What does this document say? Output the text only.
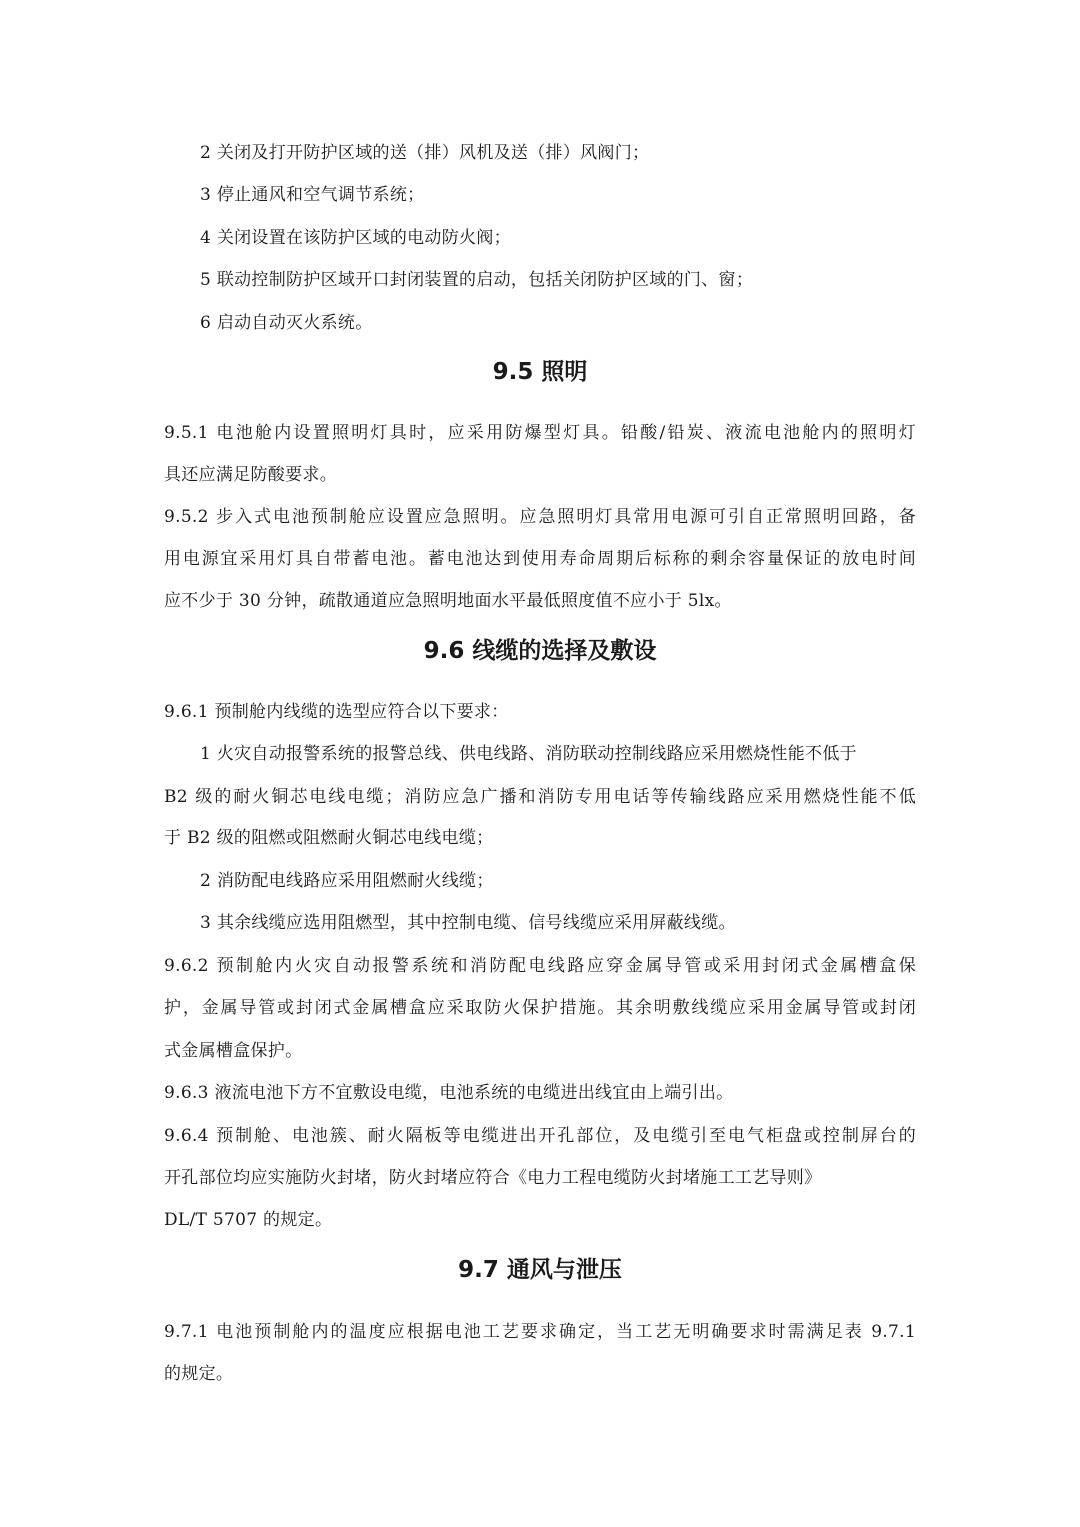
2 关闭及打开防护区域的送（排）风机及送（排）风阀门；
3 停止通风和空气调节系统；
4 关闭设置在该防护区域的电动防火阀；
5 联动控制防护区域开口封闭装置的启动，包括关闭防护区域的门、窗；
6 启动自动灭火系统。
9.5 照明
9.5.1 电池舱内设置照明灯具时，应采用防爆型灯具。铅酸/铅炭、液流电池舱内的照明灯
具还应满足防酸要求。
9.5.2 步入式电池预制舱应设置应急照明。应急照明灯具常用电源可引自正常照明回路，备
用电源宜采用灯具自带蓄电池。蓄电池达到使用寿命周期后标称的剩余容量保证的放电时间
应不少于 30 分钟，疏散通道应急照明地面水平最低照度值不应小于 5lx。
9.6 线缆的选择及敷设
9.6.1 预制舱内线缆的选型应符合以下要求：
1 火灾自动报警系统的报警总线、供电线路、消防联动控制线路应采用燃烧性能不低于
B2 级的耐火铜芯电线电缆；消防应急广播和消防专用电话等传输线路应采用燃烧性能不低
于 B2 级的阻燃或阻燃耐火铜芯电线电缆；
2 消防配电线路应采用阻燃耐火线缆；
3 其余线缆应选用阻燃型，其中控制电缆、信号线缆应采用屏蔽线缆。
9.6.2 预制舱内火灾自动报警系统和消防配电线路应穿金属导管或采用封闭式金属槽盒保
护，金属导管或封闭式金属槽盒应采取防火保护措施。其余明敷线缆应采用金属导管或封闭
式金属槽盒保护。
9.6.3 液流电池下方不宜敷设电缆，电池系统的电缆进出线宜由上端引出。
9.6.4 预制舱、电池簇、耐火隔板等电缆进出开孔部位，及电缆引至电气柜盘或控制屏台的
开孔部位均应实施防火封堵，防火封堵应符合《电力工程电缆防火封堵施工工艺导则》
DL/T 5707 的规定。
9.7 通风与泄压
9.7.1 电池预制舱内的温度应根据电池工艺要求确定，当工艺无明确要求时需满足表 9.7.1
的规定。
